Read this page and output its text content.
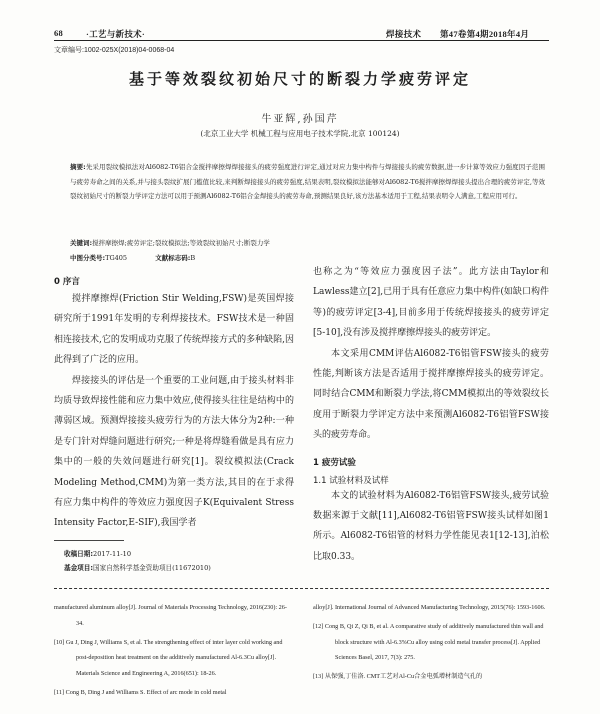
68	·工艺与新技术·	焊接技术 第47卷第4期2018年4月
文章编号:1002-025X(2018)04-0068-04
基于等效裂纹初始尺寸的断裂力学疲劳评定
牛亚辉,孙国芹
(北京工业大学 机械工程与应用电子技术学院,北京 100124)
摘要:先采用裂纹模拟法对Al6082-T6铝合金搅拌摩擦焊焊接接头的疲劳强度进行评定,通过对应力集中构件与焊接接头的疲劳数据,进一步计算等效应力强度因子范围与疲劳寿命之间的关系,并与接头裂纹扩展门槛值比较,来判断焊接接头的疲劳强度,结果表明,裂纹模拟法能够对Al6082-T6搅拌摩擦焊焊接头提出合理的疲劳评定,等效裂纹初始尺寸的断裂力学评定方法可以用于预测Al6082-T6铝合金焊接头的疲劳寿命,预测结果良好,该方法基本适用于工程,结果表明令人满意,工程应用可行。
关键词:搅拌摩擦焊;疲劳评定;裂纹模拟法;等效裂纹初始尺寸;断裂力学
中图分类号:TG405	文献标志码:B
0 序言

搅拌摩擦焊(Friction Stir Welding,FSW)是英国焊接研究所于1991年发明的专利焊接技术。FSW技术是一种固相连接技术,它的发明成功克服了传统焊接方式的多种缺陷,因此得到了广泛的应用。

焊接接头的评估是一个重要的工业问题,由于接头材料非均质导致焊接性能和应力集中效应,使得接头往往是结构中的薄弱区域。预测焊接接头疲劳行为的方法大体分为2种:一种是专门针对焊缝问题进行研究;一种是将焊缝看做是具有应力集中的一般的失效问题进行研究[1]。裂纹模拟法(Crack Modeling Method,CMM)为第一类方法,其目的在于求得有应力集中构件的等效应力强度因子K(Equivalent Stress Intensity Factor,E-SIF),我国学者

收稿日期:2017-11-10
基金项目:国家自然科学基金资助项目(11672010)

也称之为“等效应力强度因子法”。此方法由Taylor和Lawless建立[2],已用于具有任意应力集中构件(如缺口构件等)的疲劳评定[3-4],目前多用于传统焊接接头的疲劳评定[5-10],没有涉及搅拌摩擦焊接头的疲劳评定。

本文采用CMM评估Al6082-T6铝管FSW接头的疲劳性能,判断该方法是否适用于搅拌摩擦焊接头的疲劳评定。同时结合CMM和断裂力学法,将CMM模拟出的等效裂纹长度用于断裂力学评定方法中来预测Al6082-T6铝管FSW接头的疲劳寿命。

1 疲劳试验
1.1 试验材料及试样

本文的试验材料为Al6082-T6铝管FSW接头,疲劳试验数据来源于文献[11],Al6082-T6铝管FSW接头试样如图1所示。Al6082-T6铝管的材料力学性能见表1[12-13],泊松比取0.33。

manufactured aluminum alloy[J]. Journal of Materials Processing Technology, 2016(230): 26-34.
[10] Gu J, Ding J, Williams S, et al. The strengthening effect of inter layer cold working and post-deposition heat treatment on the additively manufactured Al-6.3Cu alloy[J]. Materials Science and Engineering A, 2016(651): 18-26.
[11] Cong B, Ding J and Williams S. Effect of arc mode in cold metal
alloy[J]. International Journal of Advanced Manufacturing Technology, 2015(76): 1593-1606.
[12] Cong B, Qi Z, Qi B, et al. A comparative study of additively manufactured thin wall and block structure with Al-6.3%Cu alloy using cold metal transfer process[J]. Applied Sciences Basel, 2017, 7(3): 275.
[13] 从保强,丁佳洛. CMT工艺对Al-Cu合金电弧增材制造气孔的
